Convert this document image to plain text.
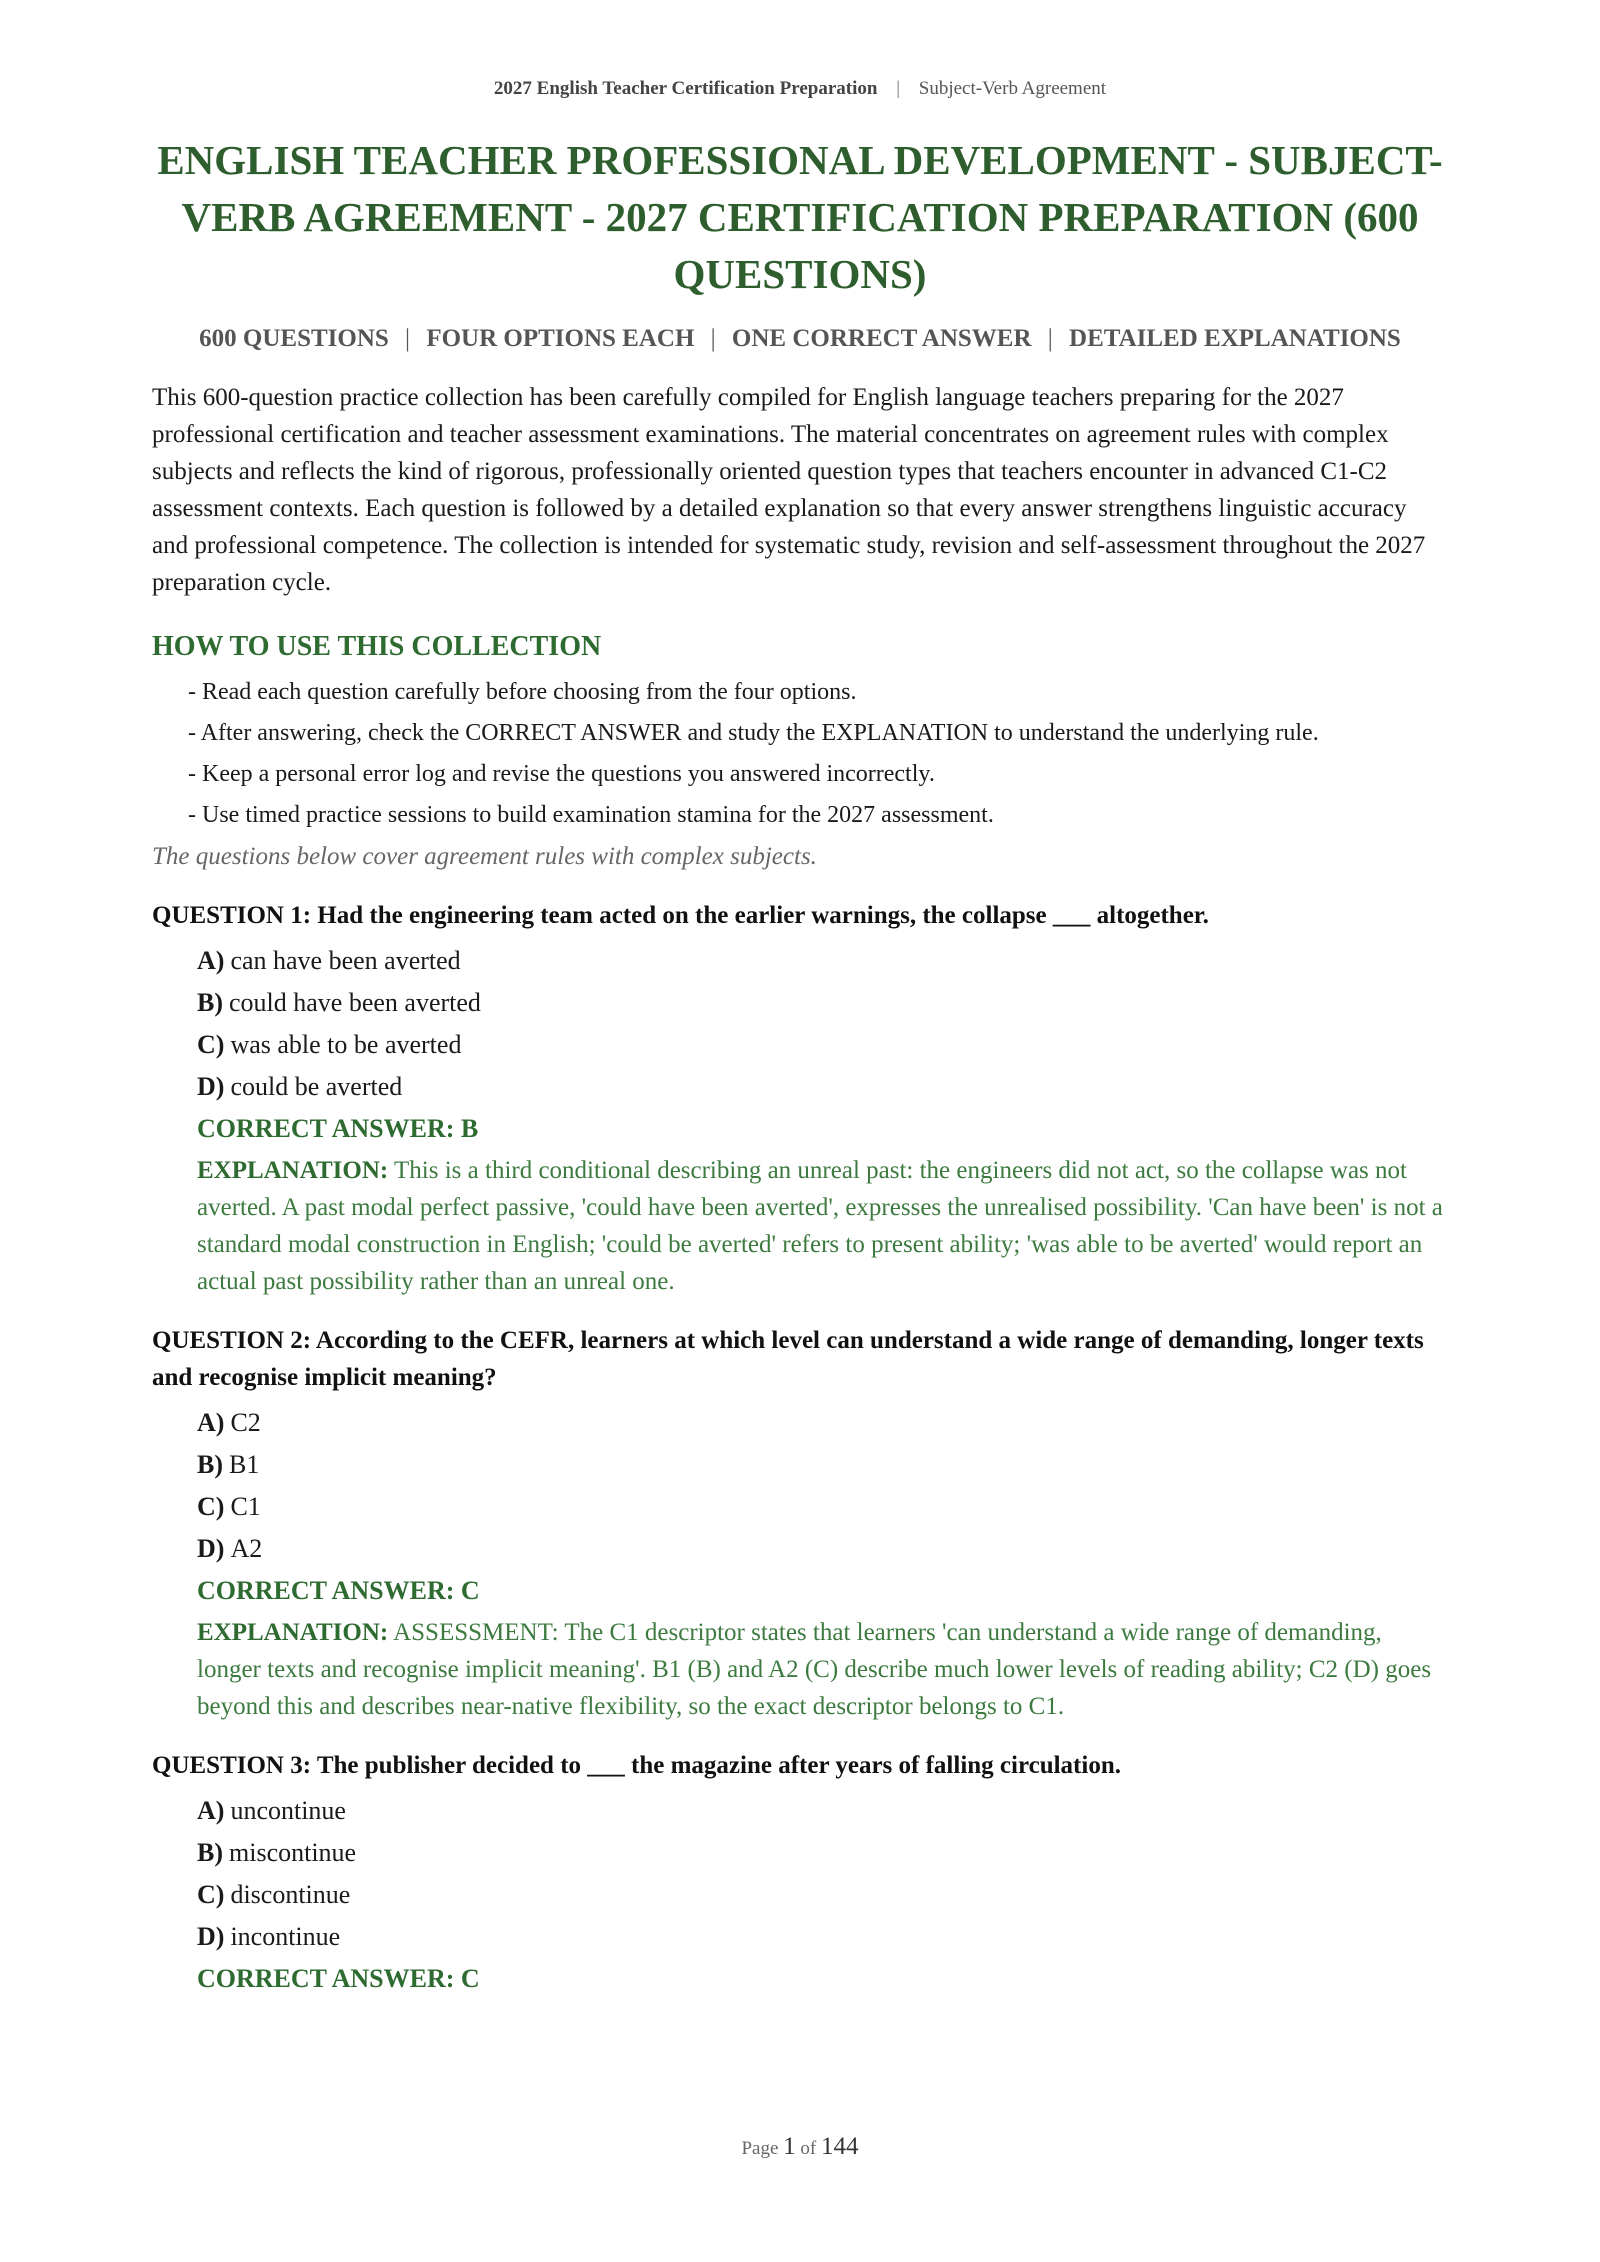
2027 English Teacher Certification Preparation | Subject-Verb Agreement
ENGLISH TEACHER PROFESSIONAL DEVELOPMENT - SUBJECT-VERB AGREEMENT - 2027 CERTIFICATION PREPARATION (600 QUESTIONS)
600 QUESTIONS | FOUR OPTIONS EACH | ONE CORRECT ANSWER | DETAILED EXPLANATIONS

This 600-question practice collection has been carefully compiled for English language teachers preparing for the 2027 professional certification and teacher assessment examinations. The material concentrates on agreement rules with complex subjects and reflects the kind of rigorous, professionally oriented question types that teachers encounter in advanced C1-C2 assessment contexts. Each question is followed by a detailed explanation so that every answer strengthens linguistic accuracy and professional competence. The collection is intended for systematic study, revision and self-assessment throughout the 2027 preparation cycle.

HOW TO USE THIS COLLECTION
- Read each question carefully before choosing from the four options.
- After answering, check the CORRECT ANSWER and study the EXPLANATION to understand the underlying rule.
- Keep a personal error log and revise the questions you answered incorrectly.
- Use timed practice sessions to build examination stamina for the 2027 assessment.
The questions below cover agreement rules with complex subjects.
QUESTION 1: Had the engineering team acted on the earlier warnings, the collapse ___ altogether.
A) can have been averted
B) could have been averted
C) was able to be averted
D) could be averted
CORRECT ANSWER: B
EXPLANATION: This is a third conditional describing an unreal past: the engineers did not act, so the collapse was not averted. A past modal perfect passive, 'could have been averted', expresses the unrealised possibility. 'Can have been' is not a standard modal construction in English; 'could be averted' refers to present ability; 'was able to be averted' would report an actual past possibility rather than an unreal one.
QUESTION 2: According to the CEFR, learners at which level can understand a wide range of demanding, longer texts and recognise implicit meaning?
A) C2
B) B1
C) C1
D) A2
CORRECT ANSWER: C
EXPLANATION: ASSESSMENT: The C1 descriptor states that learners 'can understand a wide range of demanding, longer texts and recognise implicit meaning'. B1 (B) and A2 (C) describe much lower levels of reading ability; C2 (D) goes beyond this and describes near-native flexibility, so the exact descriptor belongs to C1.
QUESTION 3: The publisher decided to ___ the magazine after years of falling circulation.
A) uncontinue
B) miscontinue
C) discontinue
D) incontinue
CORRECT ANSWER: C
Page 1 of 144
